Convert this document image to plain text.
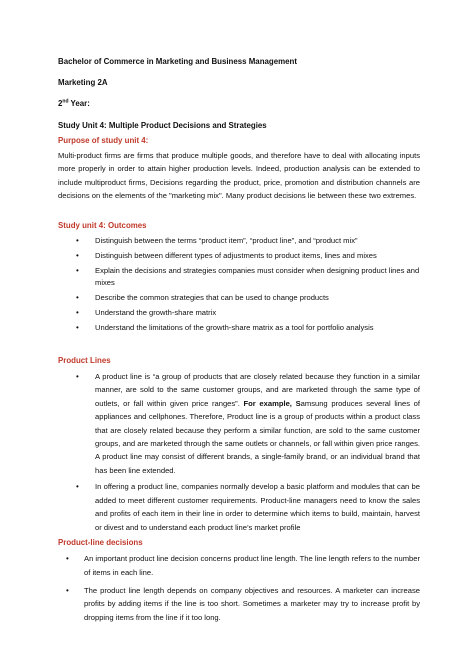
Bachelor of Commerce in Marketing and Business Management

Marketing 2A

2nd Year:

Study Unit 4: Multiple Product Decisions and Strategies

Purpose of study unit 4:

Multi-product firms are firms that produce multiple goods, and therefore have to deal with allocating inputs more properly in order to attain higher production levels. Indeed, production analysis can be extended to include multiproduct firms, Decisions regarding the product, price, promotion and distribution channels are decisions on the elements of the "marketing mix". Many product decisions lie between these two extremes.

Study unit 4: Outcomes

• Distinguish between the terms “product item”, “product line”, and “product mix”
• Distinguish between different types of adjustments to product items, lines and mixes
• Explain the decisions and strategies companies must consider when designing product lines and mixes
• Describe the common strategies that can be used to change products
• Understand the growth-share matrix
• Understand the limitations of the growth-share matrix as a tool for portfolio analysis

Product Lines

• A product line is “a group of products that are closely related because they function in a similar manner, are sold to the same customer groups, and are marketed through the same type of outlets, or fall within given price ranges”. For example, Samsung produces several lines of appliances and cellphones. Therefore, Product line is a group of products within a product class that are closely related because they perform a similar function, are sold to the same customer groups, and are marketed through the same outlets or channels, or fall within given price ranges. A product line may consist of different brands, a single-family brand, or an individual brand that has been line extended.
• In offering a product line, companies normally develop a basic platform and modules that can be added to meet different customer requirements. Product-line managers need to know the sales and profits of each item in their line in order to determine which items to build, maintain, harvest or divest and to understand each product line’s market profile

Product-line decisions

• An important product line decision concerns product line length. The line length refers to the number of items in each line.
• The product line length depends on company objectives and resources. A marketer can increase profits by adding items if the line is too short. Sometimes a marketer may try to increase profit by dropping items from the line if it too long.
